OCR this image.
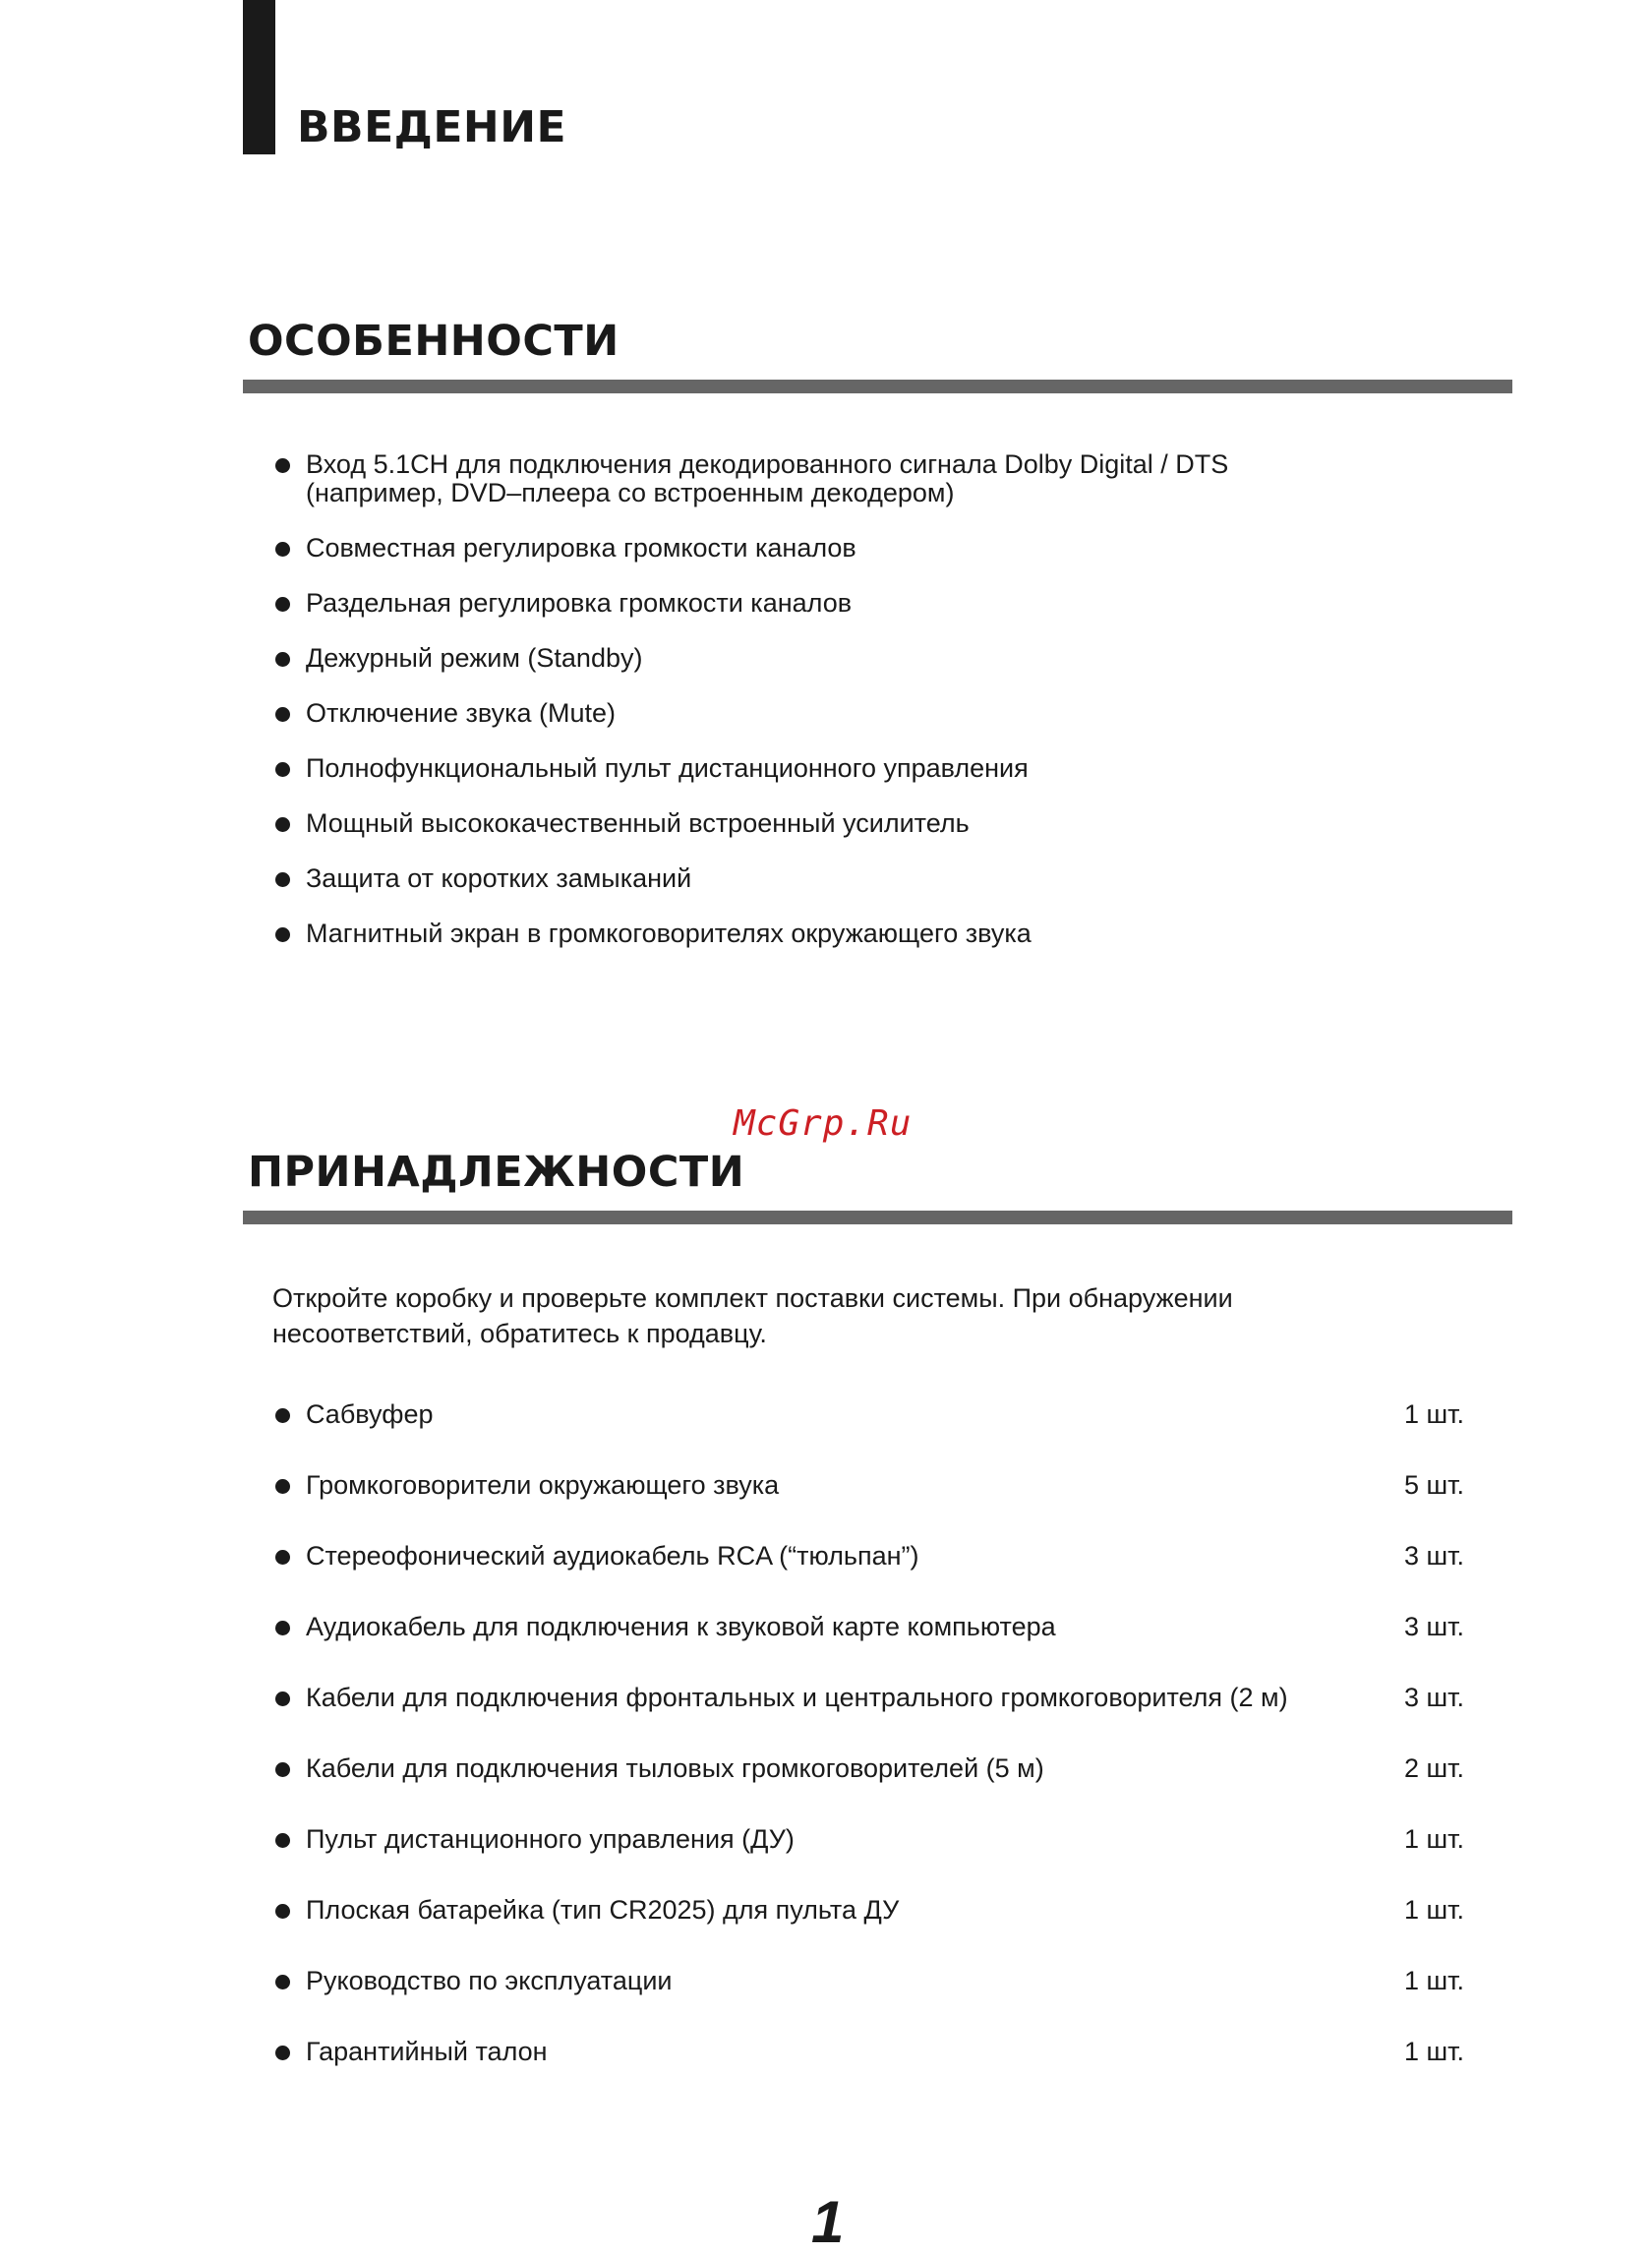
ВВЕДЕНИЕ
ОСОБЕННОСТИ
Вход 5.1CH для подключения декодированного сигнала Dolby Digital / DTS
(например, DVD–плеера со встроенным декодером)
Совместная регулировка громкости каналов
Раздельная регулировка громкости каналов
Дежурный режим (Standby)
Отключение звука (Mute)
Полнофункциональный пульт дистанционного управления
Мощный высококачественный встроенный усилитель
Защита от коротких замыканий
Магнитный экран в громкоговорителях окружающего звука
McGrp.Ru
ПРИНАДЛЕЖНОСТИ

Откройте коробку и проверьте комплект поставки системы. При обнаружении
несоответствий, обратитесь к продавцу.

Сабвуфер	1 шт.
Громкоговорители окружающего звука	5 шт.
Стереофонический аудиокабель RCA (“тюльпан”)	3 шт.
Аудиокабель для подключения к звуковой карте компьютера	3 шт.
Кабели для подключения фронтальных и центрального громкоговорителя (2 м)	3 шт.
Кабели для подключения тыловых громкоговорителей (5 м)	2 шт.
Пульт дистанционного управления (ДУ)	1 шт.
Плоская батарейка (тип CR2025) для пульта ДУ	1 шт.
Руководство по эксплуатации	1 шт.
Гарантийный талон	1 шт.
1
